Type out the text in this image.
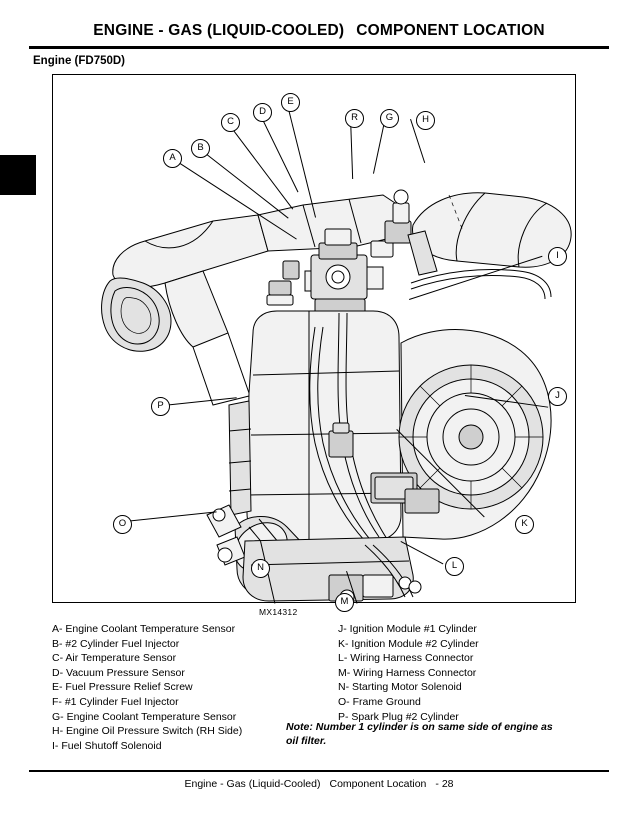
ENGINE - GAS (LIQUID-COOLED) COMPONENT LOCATION
Engine (FD750D)
A
B
C
D
E
R	G	H
I
J
K
L
M
N
O
P
MX14312
A- Engine Coolant Temperature Sensor
B- #2 Cylinder Fuel Injector
C- Air Temperature Sensor
D- Vacuum Pressure Sensor
E- Fuel Pressure Relief Screw
F- #1 Cylinder Fuel Injector
G- Engine Coolant Temperature Sensor
H- Engine Oil Pressure Switch (RH Side)
I- Fuel Shutoff Solenoid
J- Ignition Module #1 Cylinder
K- Ignition Module #2 Cylinder
L- Wiring Harness Connector
M- Wiring Harness Connector
N- Starting Motor Solenoid
O- Frame Ground
P- Spark Plug #2 Cylinder
Note: Number 1 cylinder is on same side of engine as oil filter.
Engine - Gas (Liquid-Cooled) Component Location - 28
